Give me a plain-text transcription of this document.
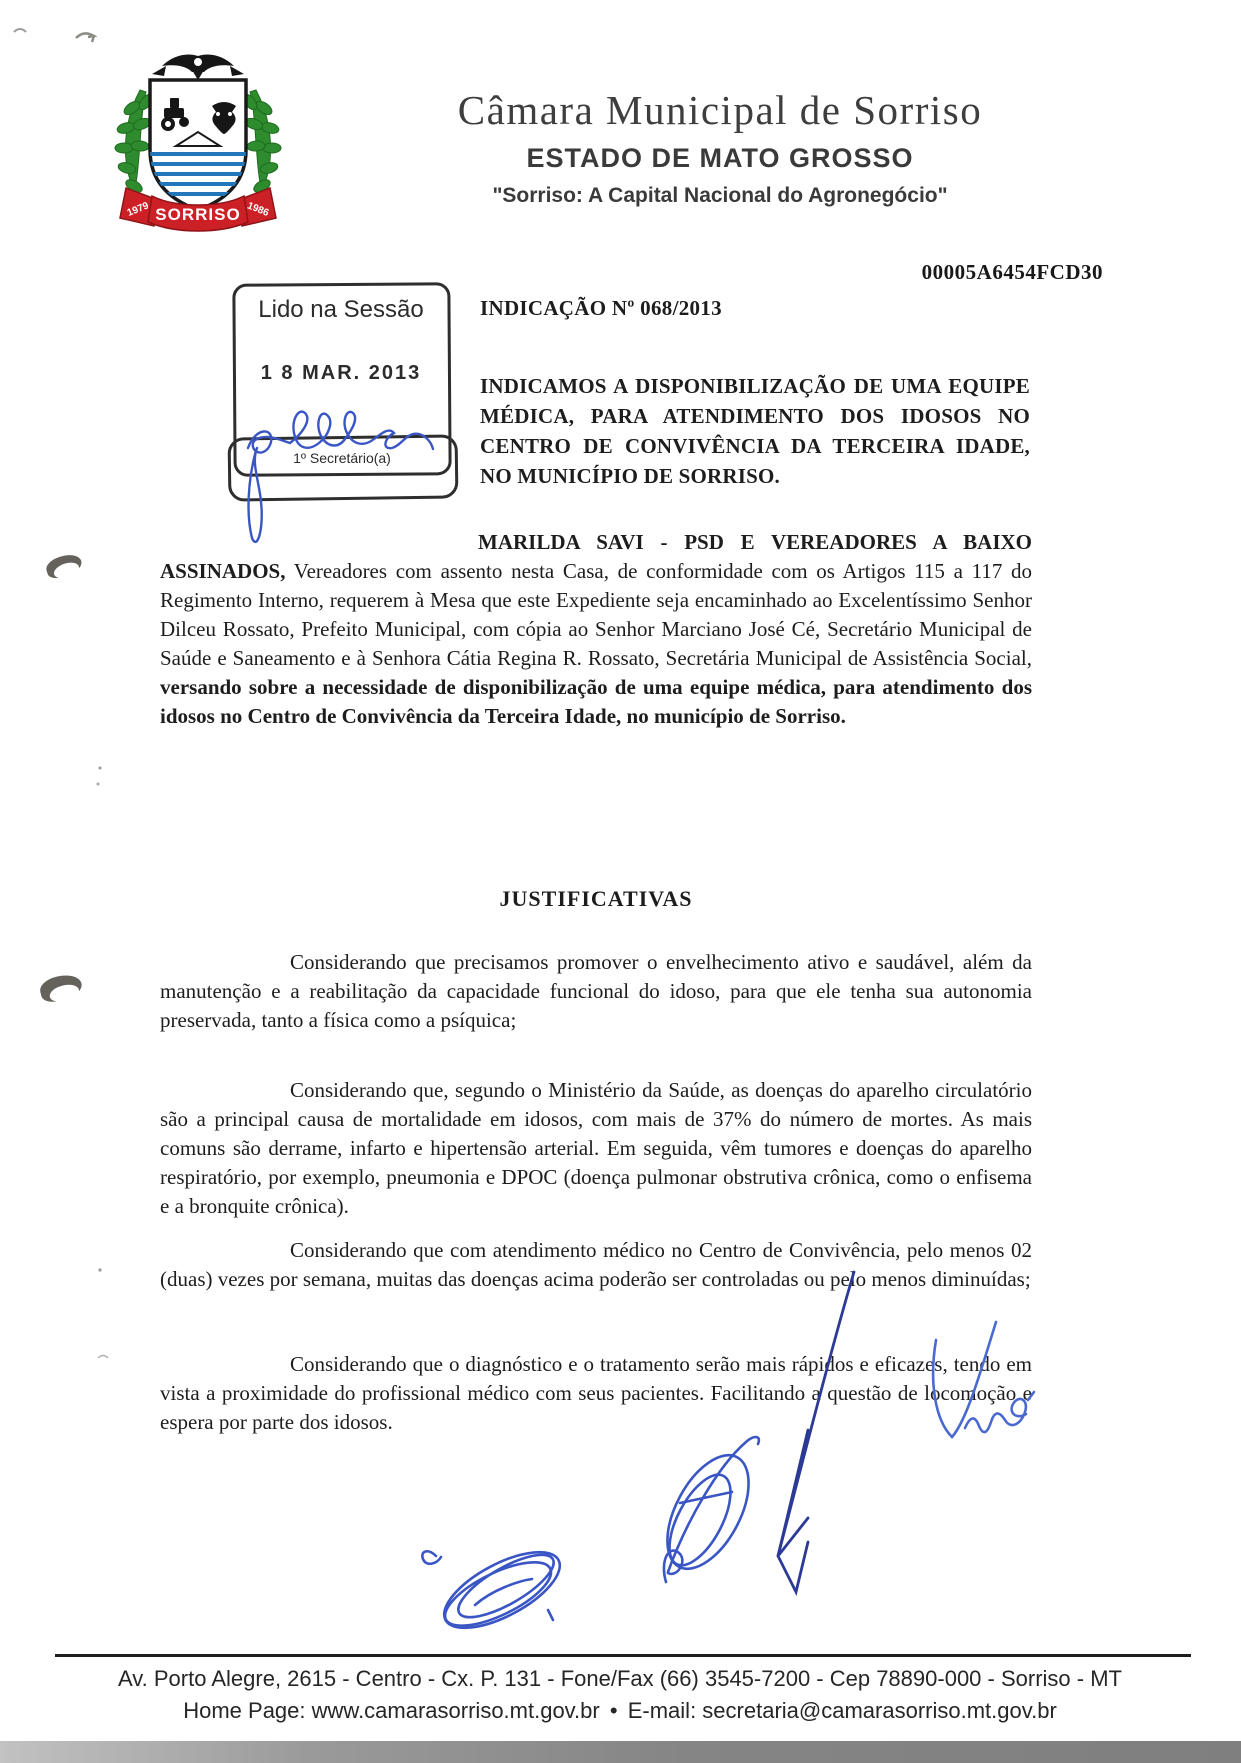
SORRISO
1979	1986
Câmara Municipal de Sorriso
ESTADO DE MATO GROSSO
"Sorriso: A Capital Nacional do Agronegócio"
00005A6454FCD30
Lido na Sessão
1 8 MAR. 2013
1º Secretário(a)
INDICAÇÃO Nº 068/2013
INDICAMOS A DISPONIBILIZAÇÃO DE UMA EQUIPE MÉDICA, PARA ATENDIMENTO DOS IDOSOS NO CENTRO DE CONVIVÊNCIA DA TERCEIRA IDADE, NO MUNICÍPIO DE SORRISO.
MARILDA SAVI - PSD E VEREADORES A BAIXO ASSINADOS, Vereadores com assento nesta Casa, de conformidade com os Artigos 115 a 117 do Regimento Interno, requerem à Mesa que este Expediente seja encaminhado ao Excelentíssimo Senhor Dilceu Rossato, Prefeito Municipal, com cópia ao Senhor Marciano José Cé, Secretário Municipal de Saúde e Saneamento e à Senhora Cátia Regina R. Rossato, Secretária Municipal de Assistência Social, versando sobre a necessidade de disponibilização de uma equipe médica, para atendimento dos idosos no Centro de Convivência da Terceira Idade, no município de Sorriso.
JUSTIFICATIVAS
Considerando que precisamos promover o envelhecimento ativo e saudável, além da manutenção e a reabilitação da capacidade funcional do idoso, para que ele tenha sua autonomia preservada, tanto a física como a psíquica;
Considerando que, segundo o Ministério da Saúde, as doenças do aparelho circulatório são a principal causa de mortalidade em idosos, com mais de 37% do número de mortes. As mais comuns são derrame, infarto e hipertensão arterial. Em seguida, vêm tumores e doenças do aparelho respiratório, por exemplo, pneumonia e DPOC (doença pulmonar obstrutiva crônica, como o enfisema e a bronquite crônica).
Considerando que com atendimento médico no Centro de Convivência, pelo menos 02 (duas) vezes por semana, muitas das doenças acima poderão ser controladas ou pelo menos diminuídas;
Considerando que o diagnóstico e o tratamento serão mais rápidos e eficazes, tendo em vista a proximidade do profissional médico com seus pacientes. Facilitando a questão de locomoção e espera por parte dos idosos.
Av. Porto Alegre, 2615 - Centro - Cx. P. 131 - Fone/Fax (66) 3545-7200 - Cep 78890-000 - Sorriso - MT
Home Page: www.camarasorriso.mt.gov.br • E-mail: secretaria@camarasorriso.mt.gov.br
